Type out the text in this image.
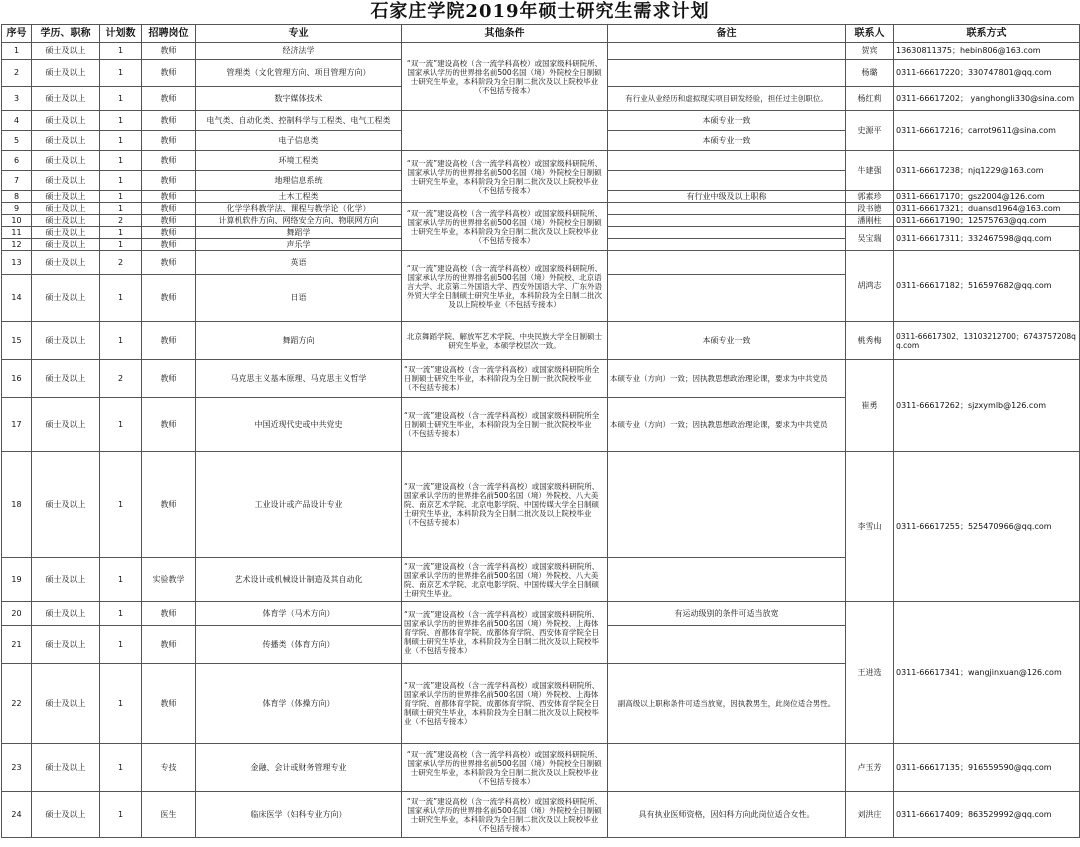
石家庄学院2019年硕士研究生需求计划
序号	学历、职称	计划数	招聘岗位	专业	其他条件	备注	联系人	联系方式
1	硕士及以上	1	教师	经济法学	“双一流”建设高校（含一流学科高校）或国家级科研院所、国家承认学历的世界排名前500名国（境）外院校全日制硕士研究生毕业，本科阶段为全日制二批次及以上院校毕业（不包括专接本）		贺宾	13630811375；hebin806@163.com
2	硕士及以上	1	教师	管理类（文化管理方向、项目管理方向）			杨璐	0311-66617220；330747801@qq.com
3	硕士及以上	1	教师	数字媒体技术		有行业从业经历和虚拟现实项目研发经验，担任过主创职位。	杨红莉	0311-66617202； yanghongli330@sina.com
4	硕士及以上	1	教师	电气类、自动化类、控制科学与工程类、电气工程类		本硕专业一致	史源平	0311-66617216；carrot9611@sina.com
5	硕士及以上	1	教师	电子信息类		本硕专业一致		
6	硕士及以上	1	教师	环境工程类	“双一流”建设高校（含一流学科高校）或国家级科研院所、国家承认学历的世界排名前500名国（境）外院校全日制硕士研究生毕业，本科阶段为全日制二批次及以上院校毕业（不包括专接本）		牛建强	0311-66617238；njq1229@163.com
7	硕士及以上	1	教师	地理信息系统				
8	硕士及以上	1	教师	土木工程类		有行业中级及以上职称	郭素珍	0311-66617170；gsz2004@126.com
9	硕士及以上	1	教师	化学学科教学法、课程与教学论（化学）	“双一流”建设高校（含一流学科高校）或国家级科研院所、国家承认学历的世界排名前500名国（境）外院校全日制硕士研究生毕业，本科阶段为全日制二批次及以上院校毕业（不包括专接本）		段书德	0311-66617321；duansd1964@163.com
10	硕士及以上	2	教师	计算机软件方向、网络安全方向、物联网方向			潘刚柱	0311-66617190；12575763@qq.com
11	硕士及以上	1	教师	舞蹈学			吴宝瑞	0311-66617311；332467598@qq.com
12	硕士及以上	1	教师	声乐学				
13	硕士及以上	2	教师	英语	“双一流”建设高校（含一流学科高校）或国家级科研院所、国家承认学历的世界排名前500名国（境）外院校、北京语言大学、北京第二外国语大学、西安外国语大学、广东外语外贸大学全日制硕士研究生毕业，本科阶段为全日制二批次及以上院校毕业（不包括专接本）		胡鸿志	0311-66617182；516597682@qq.com
14	硕士及以上	1	教师	日语				
15	硕士及以上	1	教师	舞蹈方向	北京舞蹈学院、解放军艺术学院、中央民族大学全日制硕士研究生毕业，本硕学校层次一致。	本硕专业一致	桃秀梅	0311-66617302、13103212700；6743757208qq.com
16	硕士及以上	2	教师	马克思主义基本原理、马克思主义哲学	“双一流”建设高校（含一流学科高校）或国家级科研院所全日制硕士研究生毕业，本科阶段为全日制一批次院校毕业（不包括专接本）	本硕专业（方向）一致；因执教思想政治理论课，要求为中共党员	崔勇	0311-66617262；sjzxymlb@126.com
17	硕士及以上	1	教师	中国近现代史或中共党史	“双一流”建设高校（含一流学科高校）或国家级科研院所全日制硕士研究生毕业，本科阶段为全日制一批次院校毕业（不包括专接本）	本硕专业（方向）一致；因执教思想政治理论课，要求为中共党员		
18	硕士及以上	1	教师	工业设计或产品设计专业	“双一流”建设高校（含一流学科高校）或国家级科研院所、国家承认学历的世界排名前500名国（境）外院校、八大美院、南京艺术学院、北京电影学院、中国传媒大学全日制硕士研究生毕业，本科阶段为全日制二批次及以上院校毕业（不包括专接本）		李雪山	0311-66617255；525470966@qq.com
19	硕士及以上	1	实验教学	艺术设计或机械设计制造及其自动化	“双一流”建设高校（含一流学科高校）或国家级科研院所、国家承认学历的世界排名前500名国（境）外院校、八大美院、南京艺术学院、北京电影学院、中国传媒大学全日制硕士研究生毕业。			
20	硕士及以上	1	教师	体育学（马术方向）	“双一流”建设高校（含一流学科高校）或国家级科研院所、国家承认学历的世界排名前500名国（境）外院校、上海体育学院、首都体育学院、成都体育学院、西安体育学院全日制硕士研究生毕业，本科阶段为全日制二批次及以上院校毕业（不包括专接本）	有运动级别的条件可适当放宽	王进选	0311-66617341；wangjinxuan@126.com
21	硕士及以上	1	教师	传播类（体育方向）				
22	硕士及以上	1	教师	体育学（体操方向）	“双一流”建设高校（含一流学科高校）或国家级科研院所、国家承认学历的世界排名前500名国（境）外院校、上海体育学院、首都体育学院、成都体育学院、西安体育学院全日制硕士研究生毕业，本科阶段为全日制二批次及以上院校毕业（不包括专接本）	副高级以上职称条件可适当放宽，因执教男生，此岗位适合男性。		
23	硕士及以上	1	专技	金融、会计或财务管理专业	“双一流”建设高校（含一流学科高校）或国家级科研院所、国家承认学历的世界排名前500名国（境）外院校全日制硕士研究生毕业，本科阶段为全日制二批次及以上院校毕业（不包括专接本）		卢玉芳	0311-66617135；916559590@qq.com
24	硕士及以上	1	医生	临床医学（妇科专业方向）	“双一流”建设高校（含一流学科高校）或国家级科研院所、国家承认学历的世界排名前500名国（境）外院校全日制硕士研究生毕业，本科阶段为全日制二批次及以上院校毕业（不包括专接本）	具有执业医师资格，因妇科方向此岗位适合女性。	刘洪庄	0311-66617409；863529992@qq.com
